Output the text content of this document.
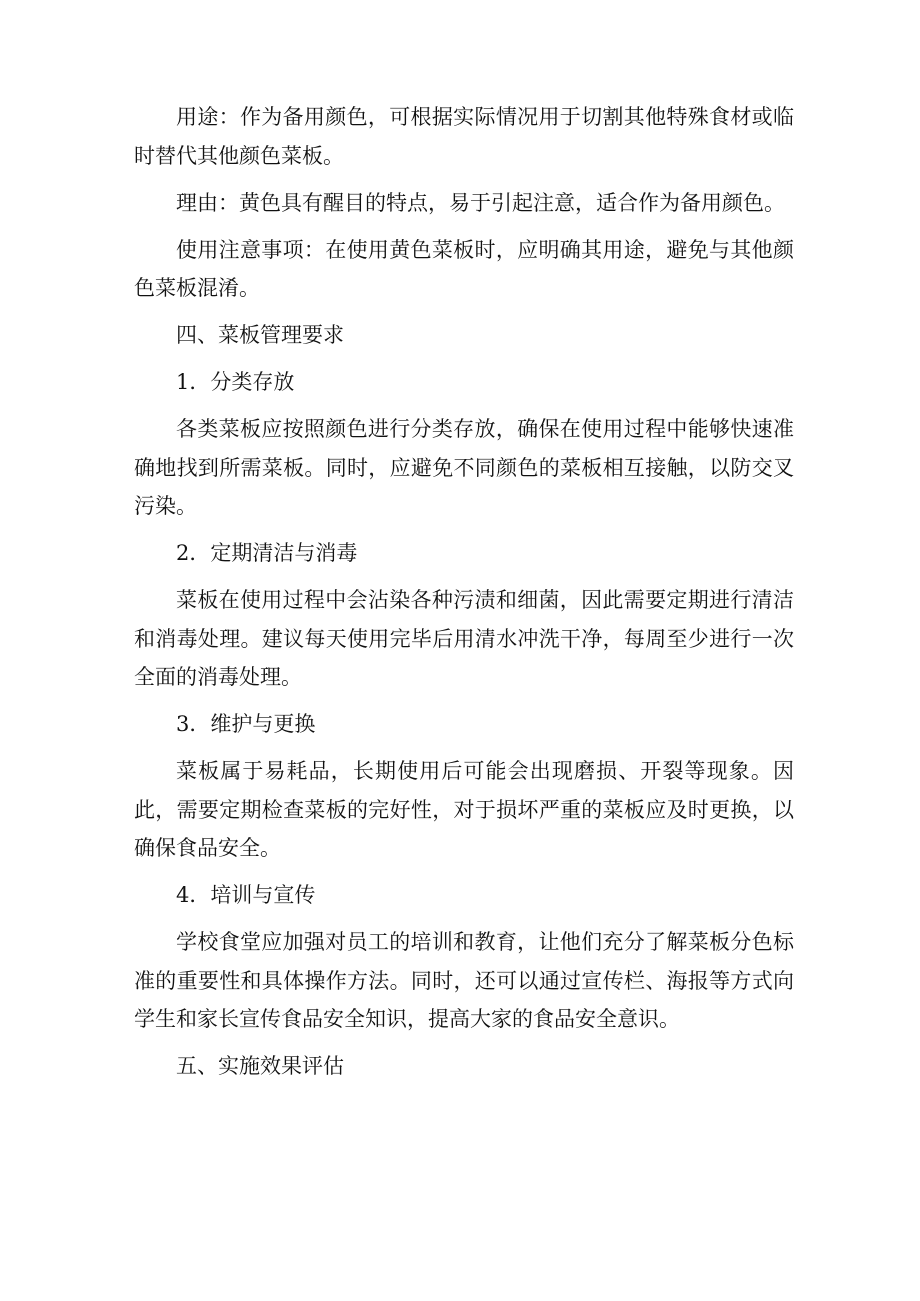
用途：作为备用颜色，可根据实际情况用于切割其他特殊食材或临时替代其他颜色菜板。

理由：黄色具有醒目的特点，易于引起注意，适合作为备用颜色。

使用注意事项：在使用黄色菜板时，应明确其用途，避免与其他颜色菜板混淆。

四、菜板管理要求

1．分类存放

各类菜板应按照颜色进行分类存放，确保在使用过程中能够快速准确地找到所需菜板。同时，应避免不同颜色的菜板相互接触，以防交叉污染。

2．定期清洁与消毒

菜板在使用过程中会沾染各种污渍和细菌，因此需要定期进行清洁和消毒处理。建议每天使用完毕后用清水冲洗干净，每周至少进行一次全面的消毒处理。

3．维护与更换

菜板属于易耗品，长期使用后可能会出现磨损、开裂等现象。因此，需要定期检查菜板的完好性，对于损坏严重的菜板应及时更换，以确保食品安全。

4．培训与宣传

学校食堂应加强对员工的培训和教育，让他们充分了解菜板分色标准的重要性和具体操作方法。同时，还可以通过宣传栏、海报等方式向学生和家长宣传食品安全知识，提高大家的食品安全意识。

五、实施效果评估
